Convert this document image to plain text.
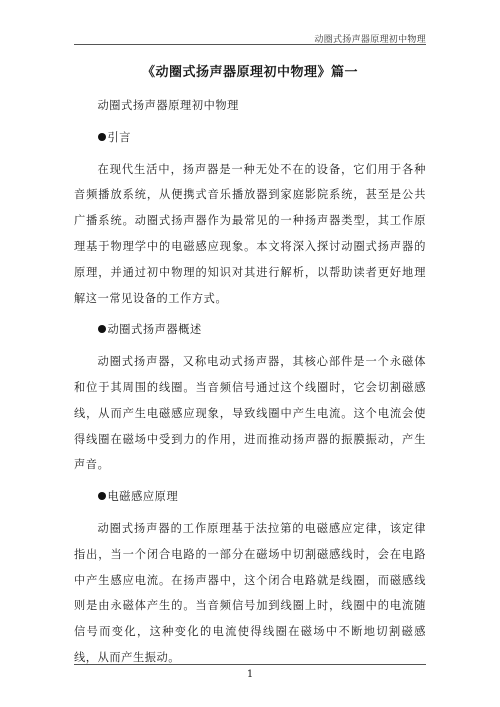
动圈式扬声器原理初中物理

《动圈式扬声器原理初中物理》篇一

动圈式扬声器原理初中物理

引言

在现代生活中，扬声器是一种无处不在的设备，它们用于各种音频播放系统，从便携式音乐播放器到家庭影院系统，甚至是公共广播系统。动圈式扬声器作为最常见的一种扬声器类型，其工作原理基于物理学中的电磁感应现象。本文将深入探讨动圈式扬声器的原理，并通过初中物理的知识对其进行解析，以帮助读者更好地理解这一常见设备的工作方式。

动圈式扬声器概述

动圈式扬声器，又称电动式扬声器，其核心部件是一个永磁体和位于其周围的线圈。当音频信号通过这个线圈时，它会切割磁感线，从而产生电磁感应现象，导致线圈中产生电流。这个电流会使得线圈在磁场中受到力的作用，进而推动扬声器的振膜振动，产生声音。

电磁感应原理

动圈式扬声器的工作原理基于法拉第的电磁感应定律，该定律指出，当一个闭合电路的一部分在磁场中切割磁感线时，会在电路中产生感应电流。在扬声器中，这个闭合电路就是线圈，而磁感线则是由永磁体产生的。当音频信号加到线圈上时，线圈中的电流随信号而变化，这种变化的电流使得线圈在磁场中不断地切割磁感线，从而产生振动。

1
